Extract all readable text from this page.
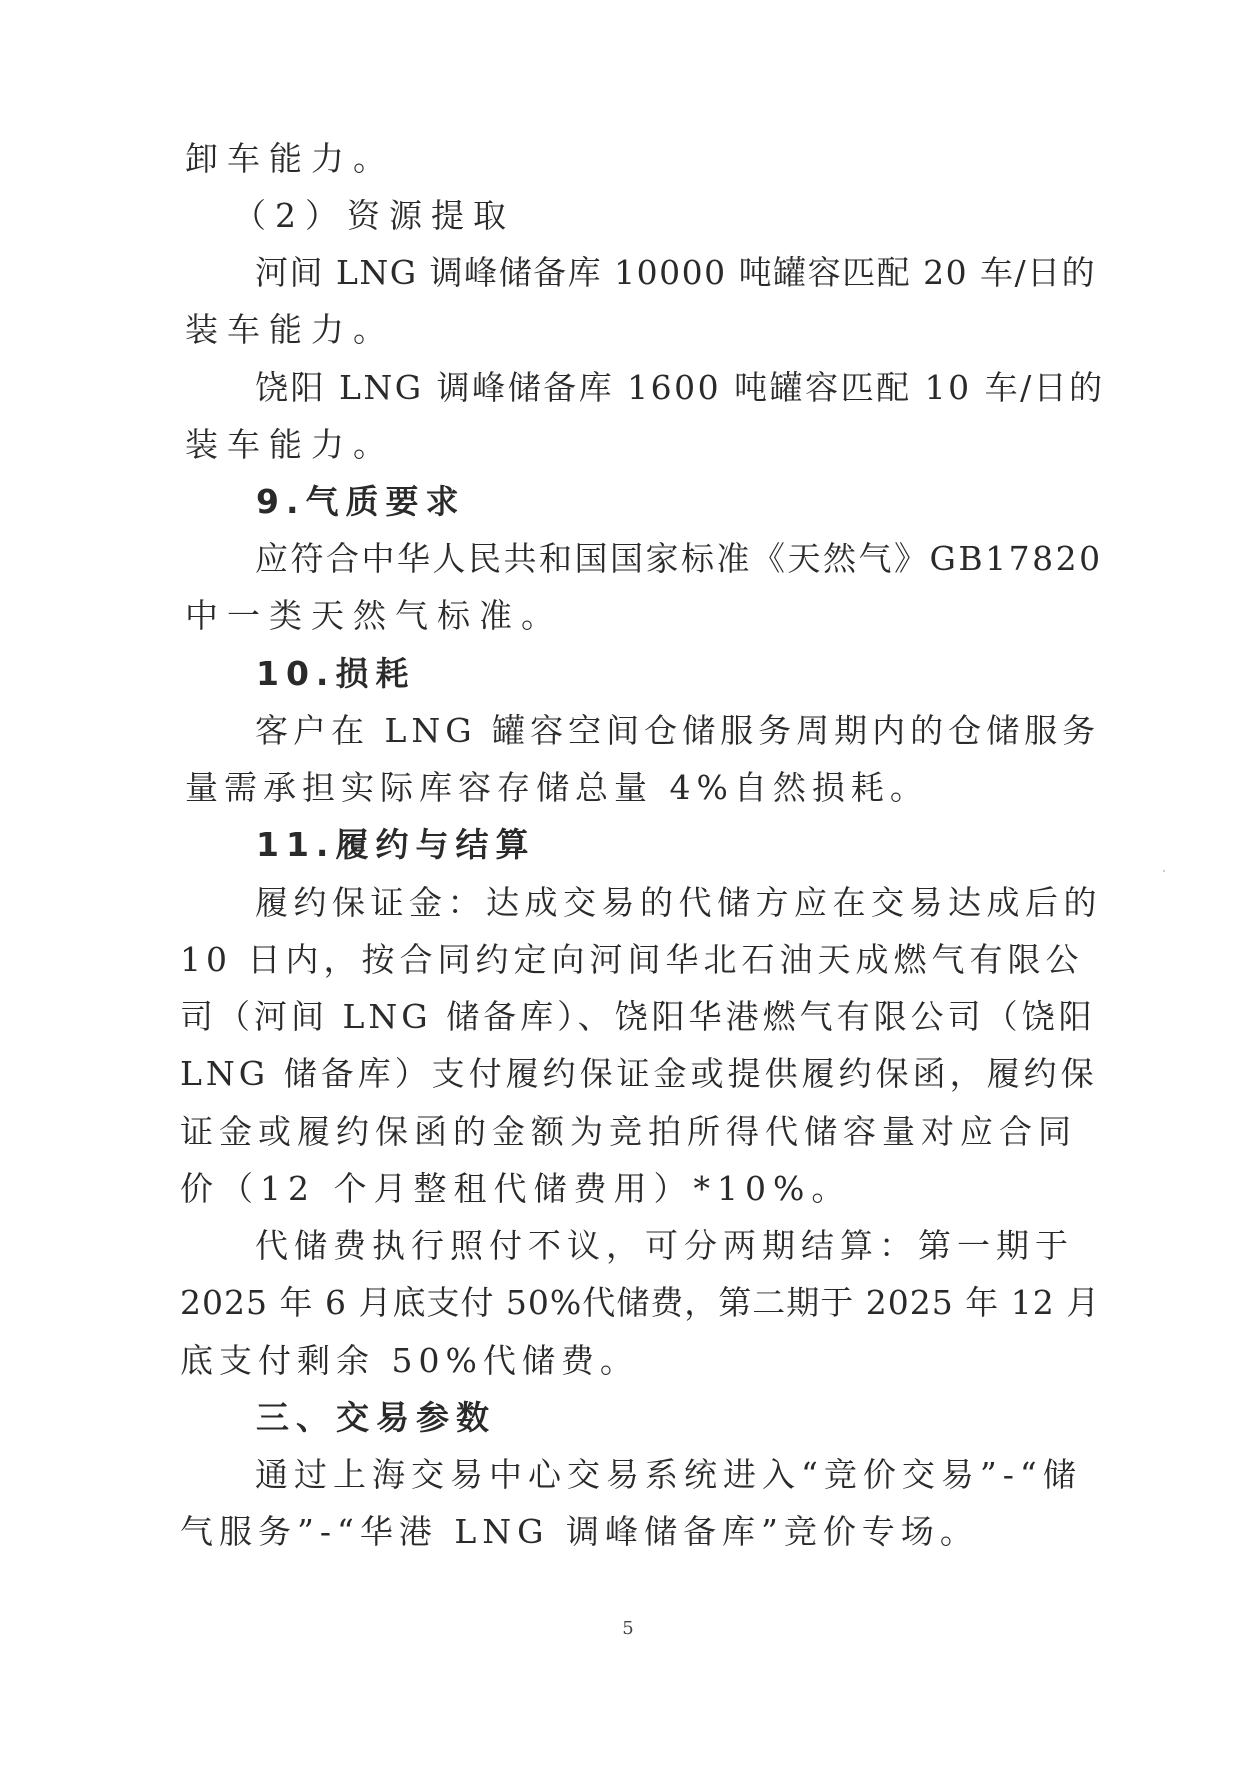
卸车能力。
（2）资源提取
河间 LNG 调峰储备库 10000 吨罐容匹配 20 车/日的
装车能力。
饶阳 LNG 调峰储备库 1600 吨罐容匹配 10 车/日的
装车能力。
9.气质要求
应符合中华人民共和国国家标准《天然气》GB17820
中一类天然气标准。
10.损耗
客户在 LNG 罐容空间仓储服务周期内的仓储服务
量需承担实际库容存储总量 4%自然损耗。
11.履约与结算
履约保证金：达成交易的代储方应在交易达成后的
10 日内，按合同约定向河间华北石油天成燃气有限公
司（河间 LNG 储备库）、饶阳华港燃气有限公司（饶阳
LNG 储备库）支付履约保证金或提供履约保函，履约保
证金或履约保函的金额为竞拍所得代储容量对应合同
价（12 个月整租代储费用）*10%。
代储费执行照付不议，可分两期结算：第一期于
2025 年 6 月底支付 50%代储费，第二期于 2025 年 12 月
底支付剩余 50%代储费。
三、交易参数
通过上海交易中心交易系统进入“竞价交易”-“储
气服务”-“华港 LNG 调峰储备库”竞价专场。
5
